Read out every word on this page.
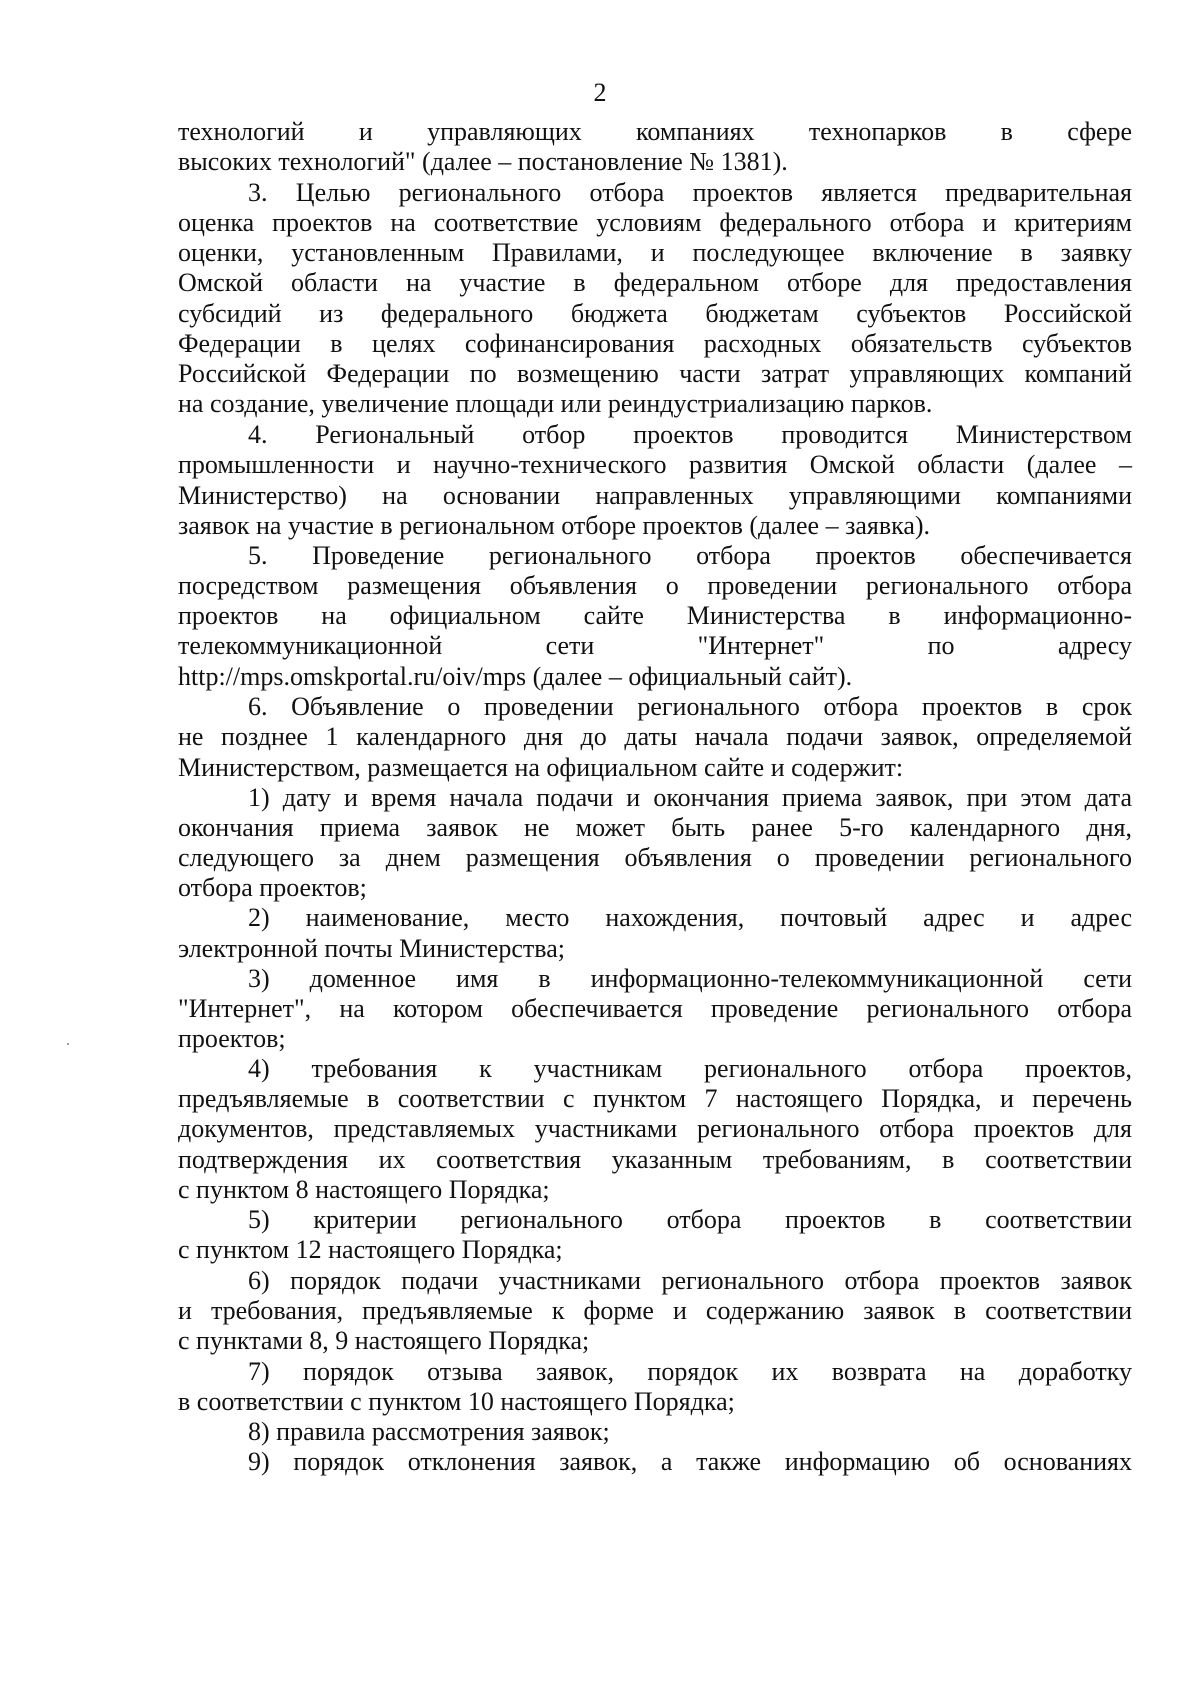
2

технологий и управляющих компаниях технопарков в сфере

высоких технологий" (далее – постановление № 1381).

3. Целью регионального отбора проектов является предварительная

оценка проектов на соответствие условиям федерального отбора и критериям

оценки, установленным Правилами, и последующее включение в заявку

Омской области на участие в федеральном отборе для предоставления

субсидий из федерального бюджета бюджетам субъектов Российской

Федерации в целях софинансирования расходных обязательств субъектов

Российской Федерации по возмещению части затрат управляющих компаний

на создание, увеличение площади или реиндустриализацию парков.

4. Региональный отбор проектов проводится Министерством

промышленности и научно-технического развития Омской области (далее –

Министерство) на основании направленных управляющими компаниями

заявок на участие в региональном отборе проектов (далее – заявка).

5. Проведение регионального отбора проектов обеспечивается

посредством размещения объявления о проведении регионального отбора

проектов на официальном сайте Министерства в информационно-

телекоммуникационной сети "Интернет" по адресу

http://mps.omskportal.ru/oiv/mps (далее – официальный сайт).

6. Объявление о проведении регионального отбора проектов в срок

не позднее 1 календарного дня до даты начала подачи заявок, определяемой

Министерством, размещается на официальном сайте и содержит:

1) дату и время начала подачи и окончания приема заявок, при этом дата

окончания приема заявок не может быть ранее 5-го календарного дня,

следующего за днем размещения объявления о проведении регионального

отбора проектов;

2) наименование, место нахождения, почтовый адрес и адрес

электронной почты Министерства;

3) доменное имя в информационно-телекоммуникационной сети

"Интернет", на котором обеспечивается проведение регионального отбора

проектов;

4) требования к участникам регионального отбора проектов,

предъявляемые в соответствии с пунктом 7 настоящего Порядка, и перечень

документов, представляемых участниками регионального отбора проектов для

подтверждения их соответствия указанным требованиям, в соответствии

с пунктом 8 настоящего Порядка;

5) критерии регионального отбора проектов в соответствии

с пунктом 12 настоящего Порядка;

6) порядок подачи участниками регионального отбора проектов заявок

и требования, предъявляемые к форме и содержанию заявок в соответствии

с пунктами 8, 9 настоящего Порядка;

7) порядок отзыва заявок, порядок их возврата на доработку

в соответствии с пунктом 10 настоящего Порядка;

8) правила рассмотрения заявок;

9) порядок отклонения заявок, а также информацию об основаниях
